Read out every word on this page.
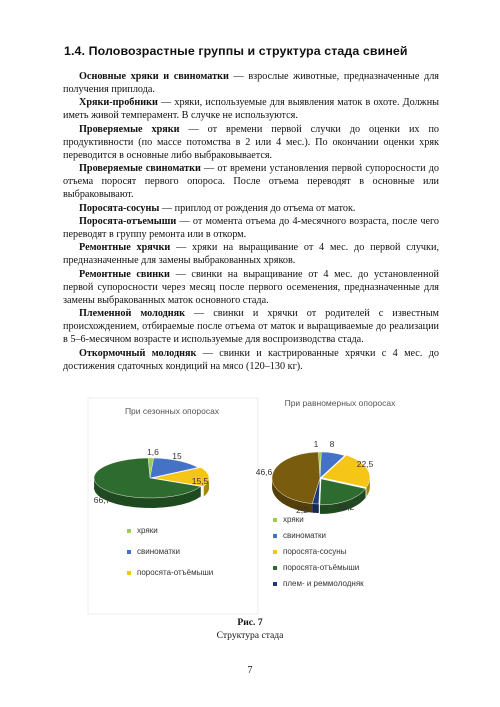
1.4. Половозрастные группы и структура стада свиней

Основные хряки и свиноматки — взрослые животные, предназначенные для получения приплода.

Хряки-пробники — хряки, используемые для выявления маток в охоте. Должны иметь живой темперамент. В случке не используются.

Проверяемые хряки — от времени первой случки до оценки их по продуктивности (по массе потомства в 2 или 4 мес.). По окончании оценки хряк переводится в основные либо выбраковывается.

Проверяемые свиноматки — от времени установления первой супоросности до отъема поросят первого опороса. После отъема переводят в основные или выбраковывают.

Поросята-сосуны — приплод от рождения до отъема от маток.

Поросята-отъемыши — от момента отъема до 4-месячного возраста, после чего переводят в группу ремонта или в откорм.

Ремонтные хрячки — хряки на выращивание от 4 мес. до первой случки, предназначенные для замены выбракованных хряков.

Ремонтные свинки — свинки на выращивание от 4 мес. до установленной первой супоросности через месяц после первого осеменения, предназначенные для замены выбракованных маток основного стада.

Племенной молодняк — свинки и хрячки от родителей с известным происхождением, отбираемые после отъема от маток и выращиваемые до реализации в 5–6-месячном возрасте и используемые для воспроизводства стада.

Откормочный молодняк — свинки и кастрированные хрячки с 4 мес. до достижения сдаточных кондиций на мясо (120–130 кг).

При сезонных опоросах
При равномерных опоросах
хряки
свиноматки
поросята-отъёмыши
хряки
свиноматки
поросята-сосуны
поросята-отъёмыши
плем- и реммолодняк
1,6 15
15,5
66,7
1 8
22,5
19,2
2,2
46,6
Рис. 7
Структура стада
7
